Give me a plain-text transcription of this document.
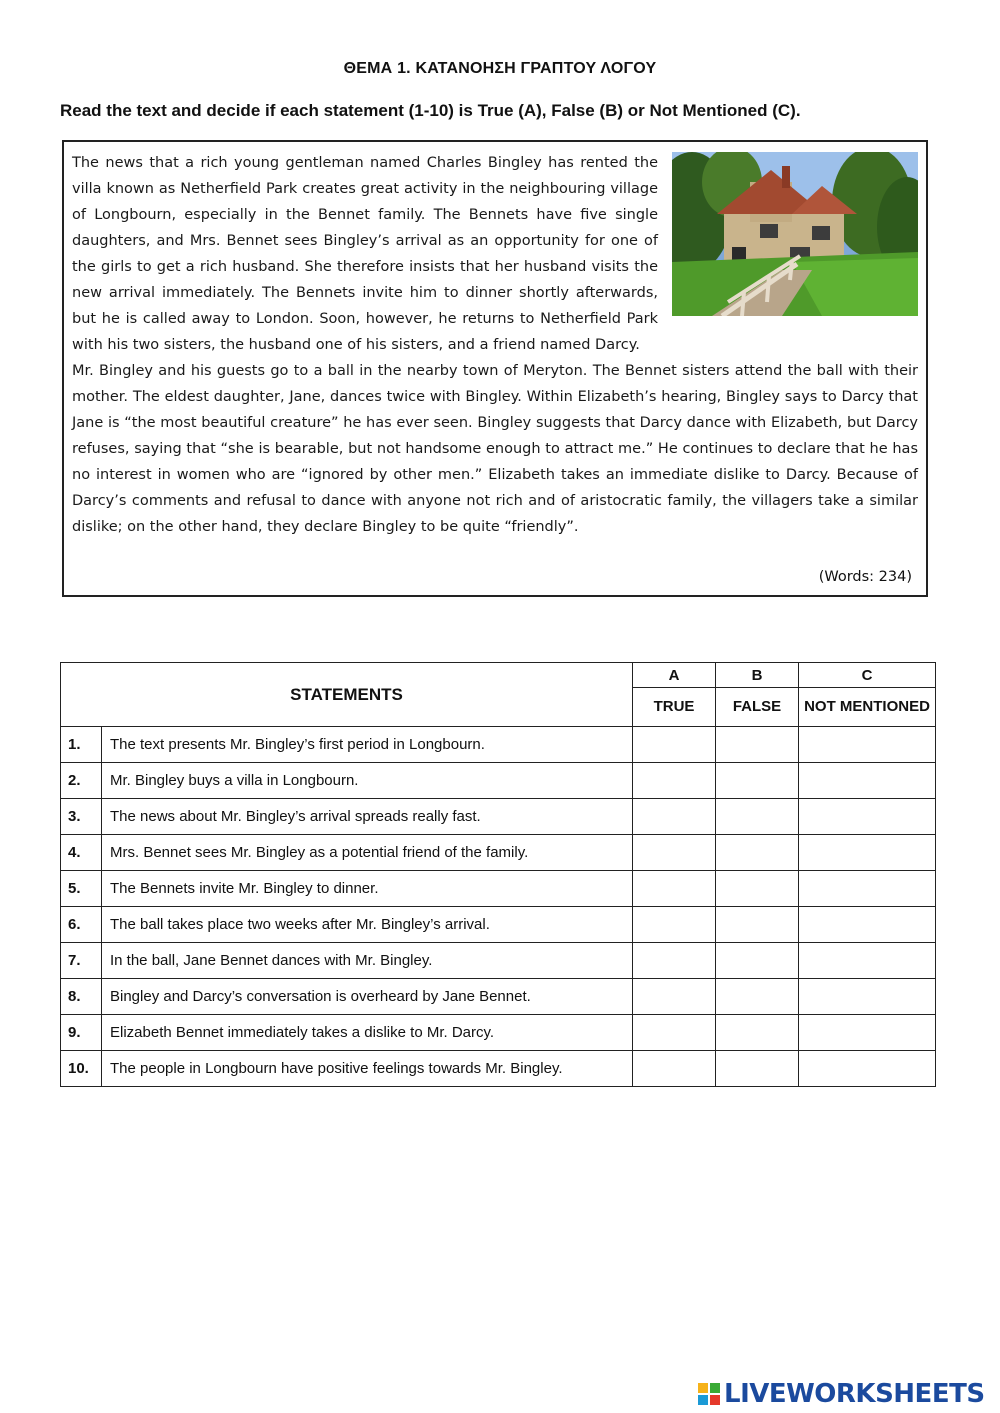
ΘΕΜΑ 1. ΚΑΤΑΝΟΗΣΗ ΓΡΑΠΤΟΥ ΛΟΓΟΥ
Read the text and decide if each statement (1-10) is True (A), False (B) or Not Mentioned (C).

The news that a rich young gentleman named Charles Bingley has rented the villa known as Netherfield Park creates great activity in the neighbouring village of Longbourn, especially in the Bennet family. The Bennets have five single daughters, and Mrs. Bennet sees Bingley’s arrival as an opportunity for one of the girls to get a rich husband. She therefore insists that her husband visits the new arrival immediately. The Bennets invite him to dinner shortly afterwards, but he is called away to London. Soon, however, he returns to Netherfield Park with his two sisters, the husband one of his sisters, and a friend named Darcy.

Mr. Bingley and his guests go to a ball in the nearby town of Meryton. The Bennet sisters attend the ball with their mother. The eldest daughter, Jane, dances twice with Bingley. Within Elizabeth’s hearing, Bingley says to Darcy that Jane is “the most beautiful creature” he has ever seen. Bingley suggests that Darcy dance with Elizabeth, but Darcy refuses, saying that “she is bearable, but not handsome enough to attract me.” He continues to declare that he has no interest in women who are “ignored by other men.” Elizabeth takes an immediate dislike to Darcy. Because of Darcy’s comments and refusal to dance with anyone not rich and of aristocratic family, the villagers take a similar dislike; on the other hand, they declare Bingley to be quite “friendly”.

(Words: 234)
STATEMENTS		A	B	C
		TRUE	FALSE	NOT MENTIONED
1.	The text presents Mr. Bingley’s first period in Longbourn.			
2.	Mr. Bingley buys a villa in Longbourn.			
3.	The news about Mr. Bingley’s arrival spreads really fast.			
4.	Mrs. Bennet sees Mr. Bingley as a potential friend of the family.			
5.	The Bennets invite Mr. Bingley to dinner.			
6.	The ball takes place two weeks after Mr. Bingley’s arrival.			
7.	In the ball, Jane Bennet dances with Mr. Bingley.			
8.	Bingley and Darcy’s conversation is overheard by Jane Bennet.			
9.	Elizabeth Bennet immediately takes a dislike to Mr. Darcy.			
10.	The people in Longbourn have positive feelings towards Mr. Bingley.			
LIVEWORKSHEETS
